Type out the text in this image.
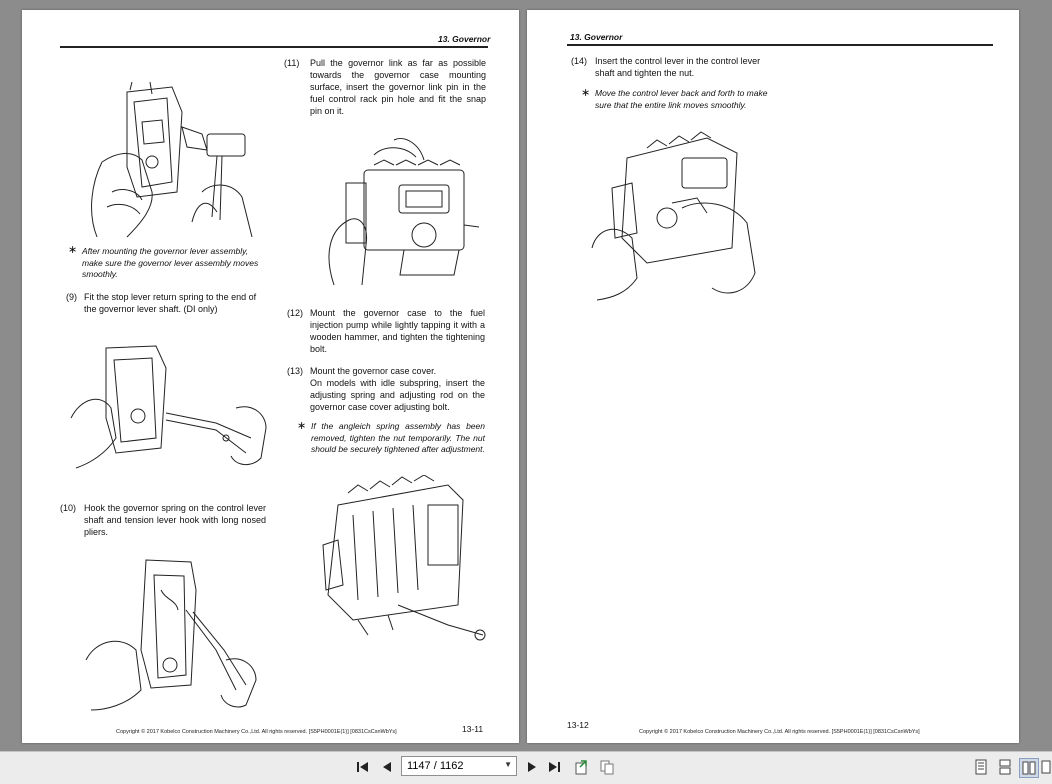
13. Governor
(11)	Pull the governor link as far as possible towards the governor case mounting surface, insert the governor link pin in the fuel control rack pin hole and fit the snap pin on it.
∗ After mounting the governor lever assembly, make sure the governor lever assembly moves smoothly.
(9) Fit the stop lever return spring to the end of the governor lever shaft. (DI only)	(12) Mount the governor case to the fuel injection pump while lightly tapping it with a wooden hammer, and tighten the tightening bolt.
(13) Mount the governor case cover.
On models with idle subspring, insert the adjusting spring and adjusting rod on the governor case cover adjusting bolt.
∗ If the angleich spring assembly has been removed, tighten the nut temporarily. The nut should be securely tightened after adjustment.
(10) Hook the governor spring on the control lever shaft and tension lever hook with long nosed pliers.
Copyright © 2017 Kobelco Construction Machinery Co.,Ltd. All rights reserved. [S5PH0001E(1)] [0831CsCsnWbYs]	13-11
13. Governor
(14) Insert the control lever in the control lever shaft and tighten the nut.
∗ Move the control lever back and forth to make sure that the entire link moves smoothly.
13-12
Copyright © 2017 Kobelco Construction Machinery Co.,Ltd. All rights reserved. [S5PH0001E(1)] [0831CsCsnWbYs]
1147 / 1162	▼
